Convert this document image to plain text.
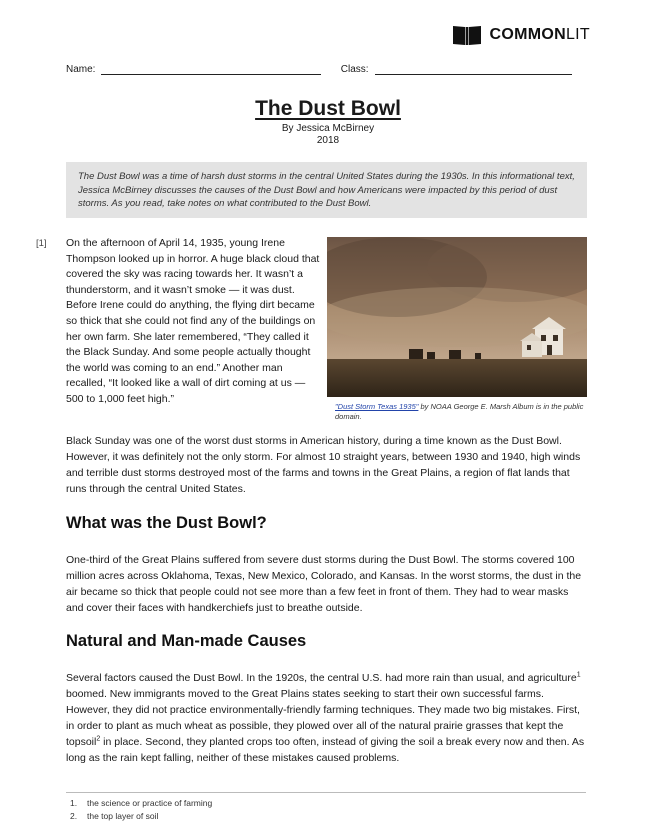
COMMONLIT
Name:	Class:
The Dust Bowl
By Jessica McBirney
2018
The Dust Bowl was a time of harsh dust storms in the central United States during the 1930s. In this informational text, Jessica McBirney discusses the causes of the Dust Bowl and how Americans were impacted by this period of dust storms. As you read, take notes on what contributed to the Dust Bowl.
[1] On the afternoon of April 14, 1935, young Irene Thompson looked up in horror. A huge black cloud that covered the sky was racing towards her. It wasn’t a thunderstorm, and it wasn’t smoke — it was dust. Before Irene could do anything, the flying dirt became so thick that she could not find any of the buildings on her own farm. She later remembered, “They called it the Black Sunday. And some people actually thought the world was coming to an end.” Another man recalled, “It looked like a wall of dirt coming at us — 500 to 1,000 feet high.”
"Dust Storm Texas 1935" by NOAA George E. Marsh Album is in the public domain.
Black Sunday was one of the worst dust storms in American history, during a time known as the Dust Bowl. However, it was definitely not the only storm. For almost 10 straight years, between 1930 and 1940, high winds and terrible dust storms destroyed most of the farms and towns in the Great Plains, a region of flat lands that runs through the central United States.
What was the Dust Bowl?
One-third of the Great Plains suffered from severe dust storms during the Dust Bowl. The storms covered 100 million acres across Oklahoma, Texas, New Mexico, Colorado, and Kansas. In the worst storms, the dust in the air became so thick that people could not see more than a few feet in front of them. They had to wear masks and cover their faces with handkerchiefs just to breathe outside.
Natural and Man-made Causes
Several factors caused the Dust Bowl. In the 1920s, the central U.S. had more rain than usual, and agriculture$^1$ boomed. New immigrants moved to the Great Plains states seeking to start their own successful farms. However, they did not practice environmentally-friendly farming techniques. They made two big mistakes. First, in order to plant as much wheat as possible, they plowed over all of the natural prairie grasses that kept the topsoil$^2$ in place. Second, they planted crops too often, instead of giving the soil a break every now and then. As long as the rain kept falling, neither of these mistakes caused problems.
1.	the science or practice of farming
2.	the top layer of soil
